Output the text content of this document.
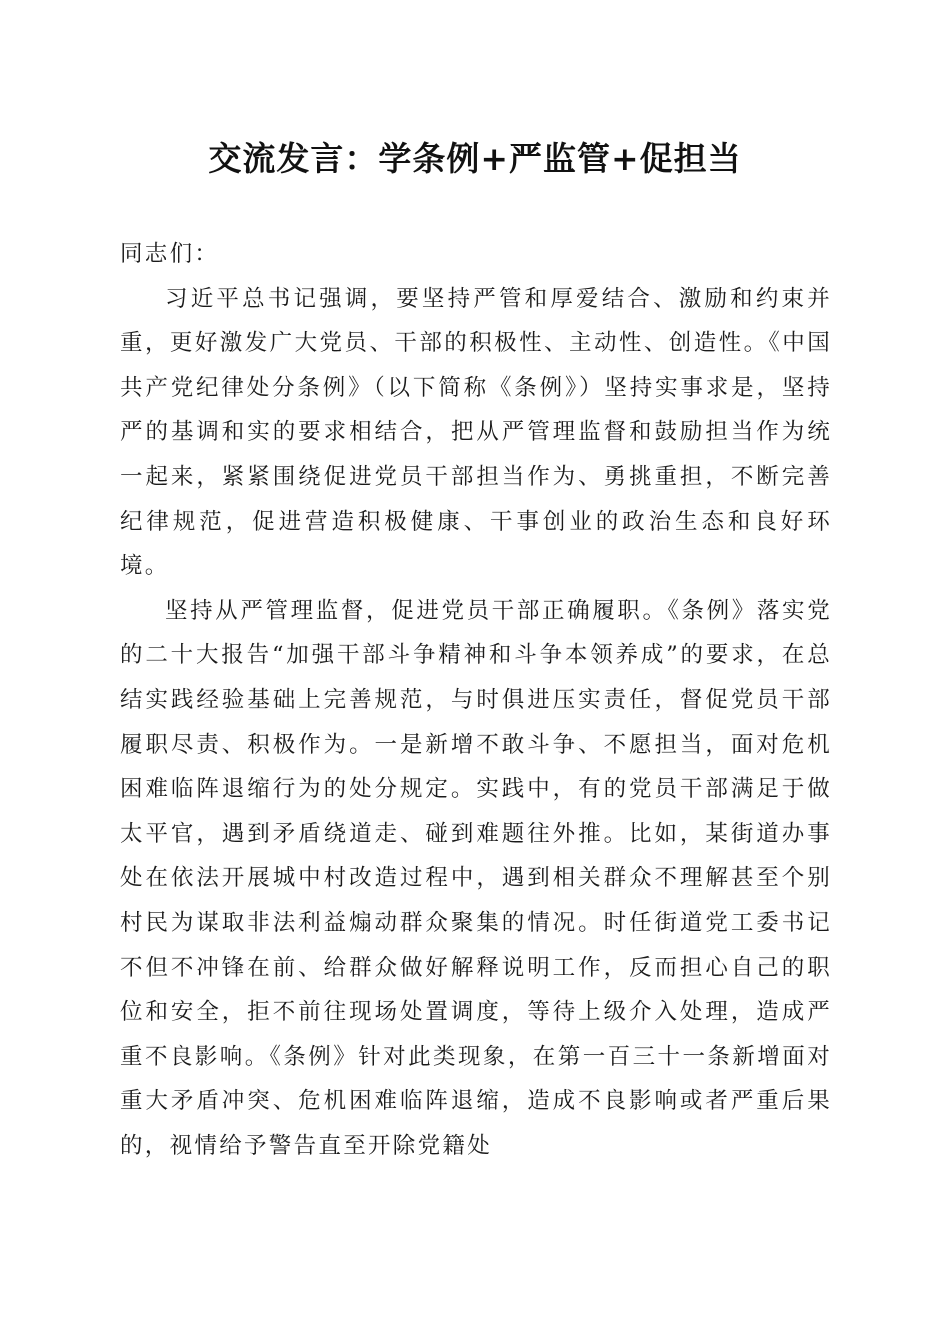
交流发言：学条例+严监管+促担当

同志们：

习近平总书记强调，要坚持严管和厚爱结合、激励和约束并重，更好激发广大党员、干部的积极性、主动性、创造性。《中国共产党纪律处分条例》（以下简称《条例》）坚持实事求是，坚持严的基调和实的要求相结合，把从严管理监督和鼓励担当作为统一起来，紧紧围绕促进党员干部担当作为、勇挑重担，不断完善纪律规范，促进营造积极健康、干事创业的政治生态和良好环境。

坚持从严管理监督，促进党员干部正确履职。《条例》落实党的二十大报告“加强干部斗争精神和斗争本领养成”的要求，在总结实践经验基础上完善规范，与时俱进压实责任，督促党员干部履职尽责、积极作为。一是新增不敢斗争、不愿担当，面对危机困难临阵退缩行为的处分规定。实践中，有的党员干部满足于做太平官，遇到矛盾绕道走、碰到难题往外推。比如，某街道办事处在依法开展城中村改造过程中，遇到相关群众不理解甚至个别村民为谋取非法利益煽动群众聚集的情况。时任街道党工委书记不但不冲锋在前、给群众做好解释说明工作，反而担心自己的职位和安全，拒不前往现场处置调度，等待上级介入处理，造成严重不良影响。《条例》针对此类现象，在第一百三十一条新增面对重大矛盾冲突、危机困难临阵退缩，造成不良影响或者严重后果的，视情给予警告直至开除党籍处
